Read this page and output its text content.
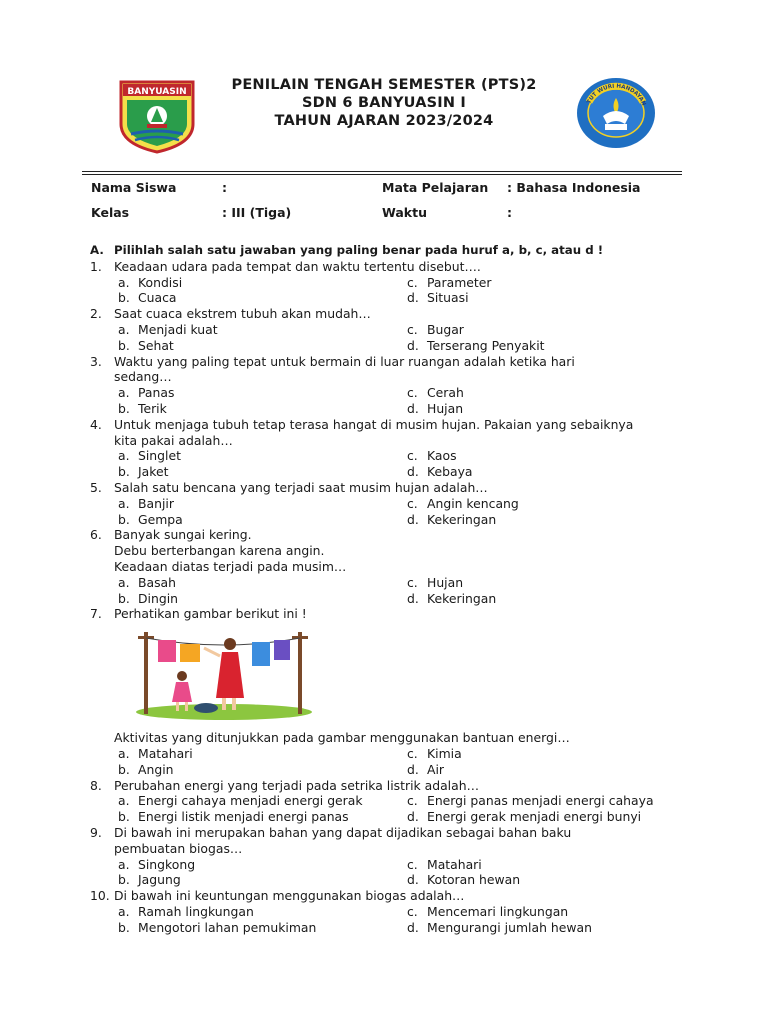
BANYUASIN
TUT WURI HANDAYAN
PENILAIN TENGAH SEMESTER (PTS)2
SDN 6 BANYUASIN I
TAHUN AJARAN 2023/2024
Nama Siswa	:	Mata Pelajaran : Bahasa Indonesia
Kelas	: III (Tiga)	Waktu	:
A. Pilihlah salah satu jawaban yang paling benar pada huruf a, b, c, atau d !
1. Keadaan udara pada tempat dan waktu tertentu disebut….
a. Kondisi	c. Parameter
b. Cuaca	d. Situasi
2. Saat cuaca ekstrem tubuh akan mudah…
a. Menjadi kuat	c. Bugar
b. Sehat	d. Terserang Penyakit
3. Waktu yang paling tepat untuk bermain di luar ruangan adalah ketika hari
sedang…
a. Panas	c. Cerah
b. Terik	d. Hujan
4. Untuk menjaga tubuh tetap terasa hangat di musim hujan. Pakaian yang sebaiknya
kita pakai adalah…
a. Singlet	c. Kaos
b. Jaket	d. Kebaya
5. Salah satu bencana yang terjadi saat musim hujan adalah…
a. Banjir	c. Angin kencang
b. Gempa	d. Kekeringan
6. Banyak sungai kering.
Debu berterbangan karena angin.
Keadaan diatas terjadi pada musim…
a. Basah	c. Hujan
b. Dingin	d. Kekeringan
7. Perhatikan gambar berikut ini !
Aktivitas yang ditunjukkan pada gambar menggunakan bantuan energi…
a. Matahari	c. Kimia
b. Angin	d. Air
8. Perubahan energi yang terjadi pada setrika listrik adalah…
a. Energi cahaya menjadi energi gerak	c. Energi panas menjadi energi cahaya
b. Energi listik menjadi energi panas	d. Energi gerak menjadi energi bunyi
9. Di bawah ini merupakan bahan yang dapat dijadikan sebagai bahan baku
pembuatan biogas…
a. Singkong	c. Matahari
b. Jagung	d. Kotoran hewan
10. Di bawah ini keuntungan menggunakan biogas adalah…
a. Ramah lingkungan	c. Mencemari lingkungan
b. Mengotori lahan pemukiman	d. Mengurangi jumlah hewan
